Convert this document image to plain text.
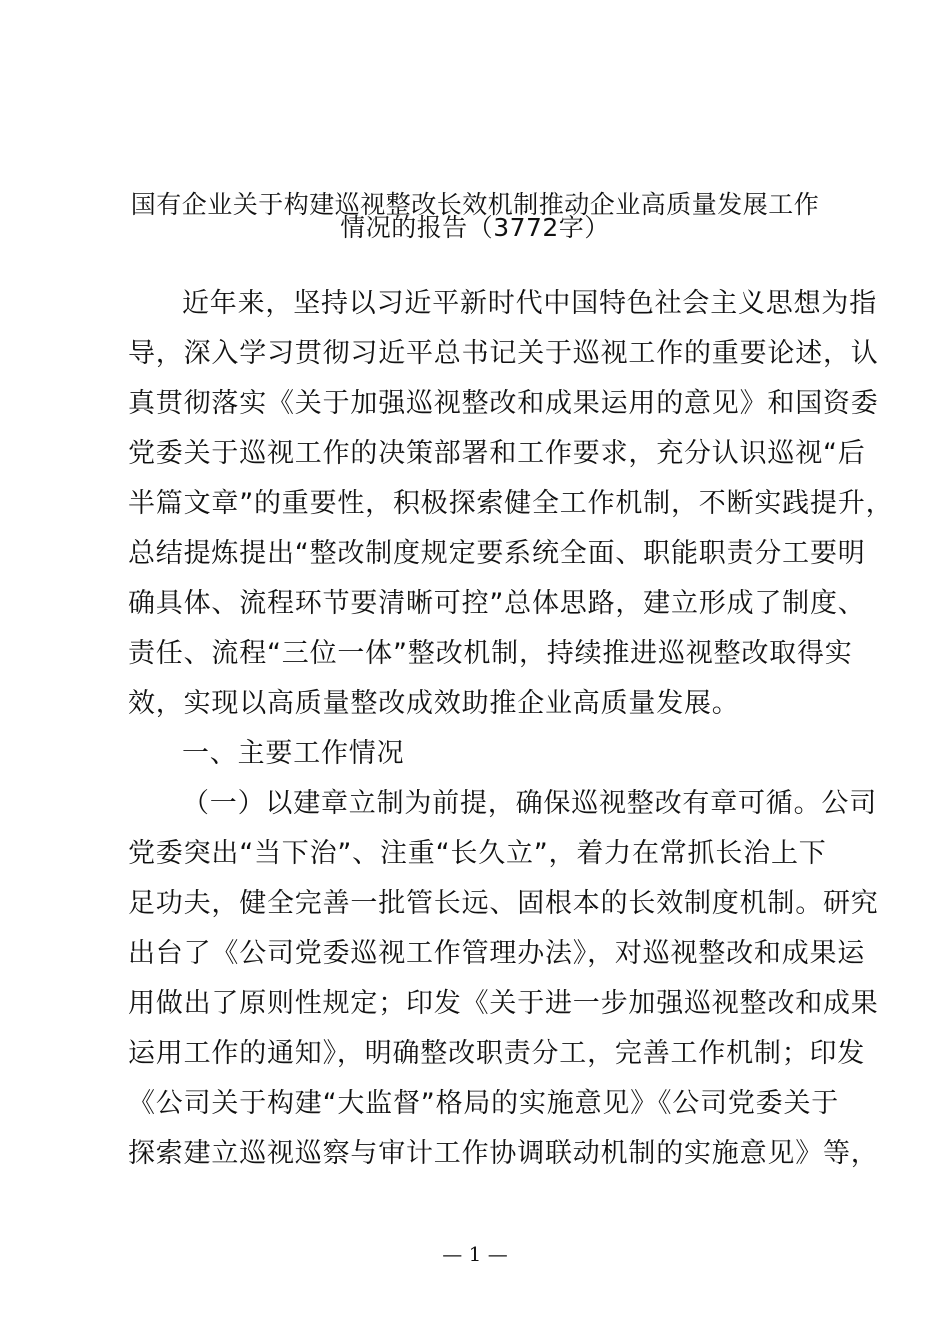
国有企业关于构建巡视整改长效机制推动企业高质量发展工作
情况的报告（3772字）
近年来，坚持以习近平新时代中国特色社会主义思想为指
导，深入学习贯彻习近平总书记关于巡视工作的重要论述，认
真贯彻落实《关于加强巡视整改和成果运用的意见》和国资委
党委关于巡视工作的决策部署和工作要求，充分认识巡视“后
半篇文章”的重要性，积极探索健全工作机制，不断实践提升，
总结提炼提出“整改制度规定要系统全面、职能职责分工要明
确具体、流程环节要清晰可控”总体思路，建立形成了制度、
责任、流程“三位一体”整改机制，持续推进巡视整改取得实
效，实现以高质量整改成效助推企业高质量发展。
一、主要工作情况
（一）以建章立制为前提，确保巡视整改有章可循。公司
党委突出“当下治”、注重“长久立”，着力在常抓长治上下
足功夫，健全完善一批管长远、固根本的长效制度机制。研究
出台了《公司党委巡视工作管理办法》，对巡视整改和成果运
用做出了原则性规定；印发《关于进一步加强巡视整改和成果
运用工作的通知》，明确整改职责分工，完善工作机制；印发
《公司关于构建“大监督”格局的实施意见》《公司党委关于
探索建立巡视巡察与审计工作协调联动机制的实施意见》等，
— 1 —
